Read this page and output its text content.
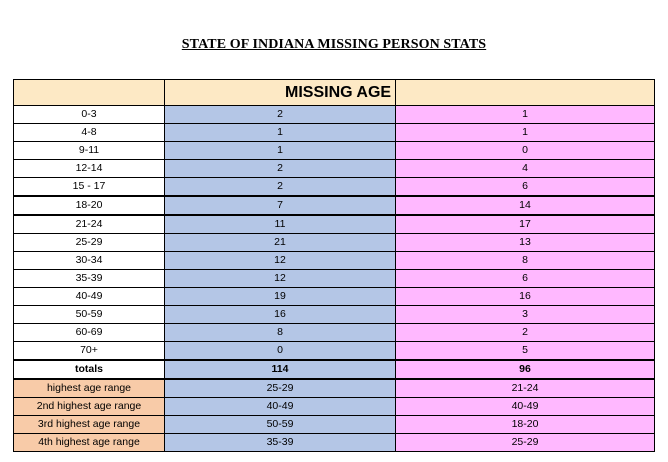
STATE OF INDIANA MISSING PERSON STATS
	MISSING AGE	
0-3	2	1
4-8	1	1
9-11	1	0
12-14	2	4
15 - 17	2	6
18-20	7	14
21-24	11	17
25-29	21	13
30-34	12	8
35-39	12	6
40-49	19	16
50-59	16	3
60-69	8	2
70+	0	5
totals	114	96
highest age range	25-29	21-24
2nd highest age range	40-49	40-49
3rd highest age range	50-59	18-20
4th highest age range	35-39	25-29
